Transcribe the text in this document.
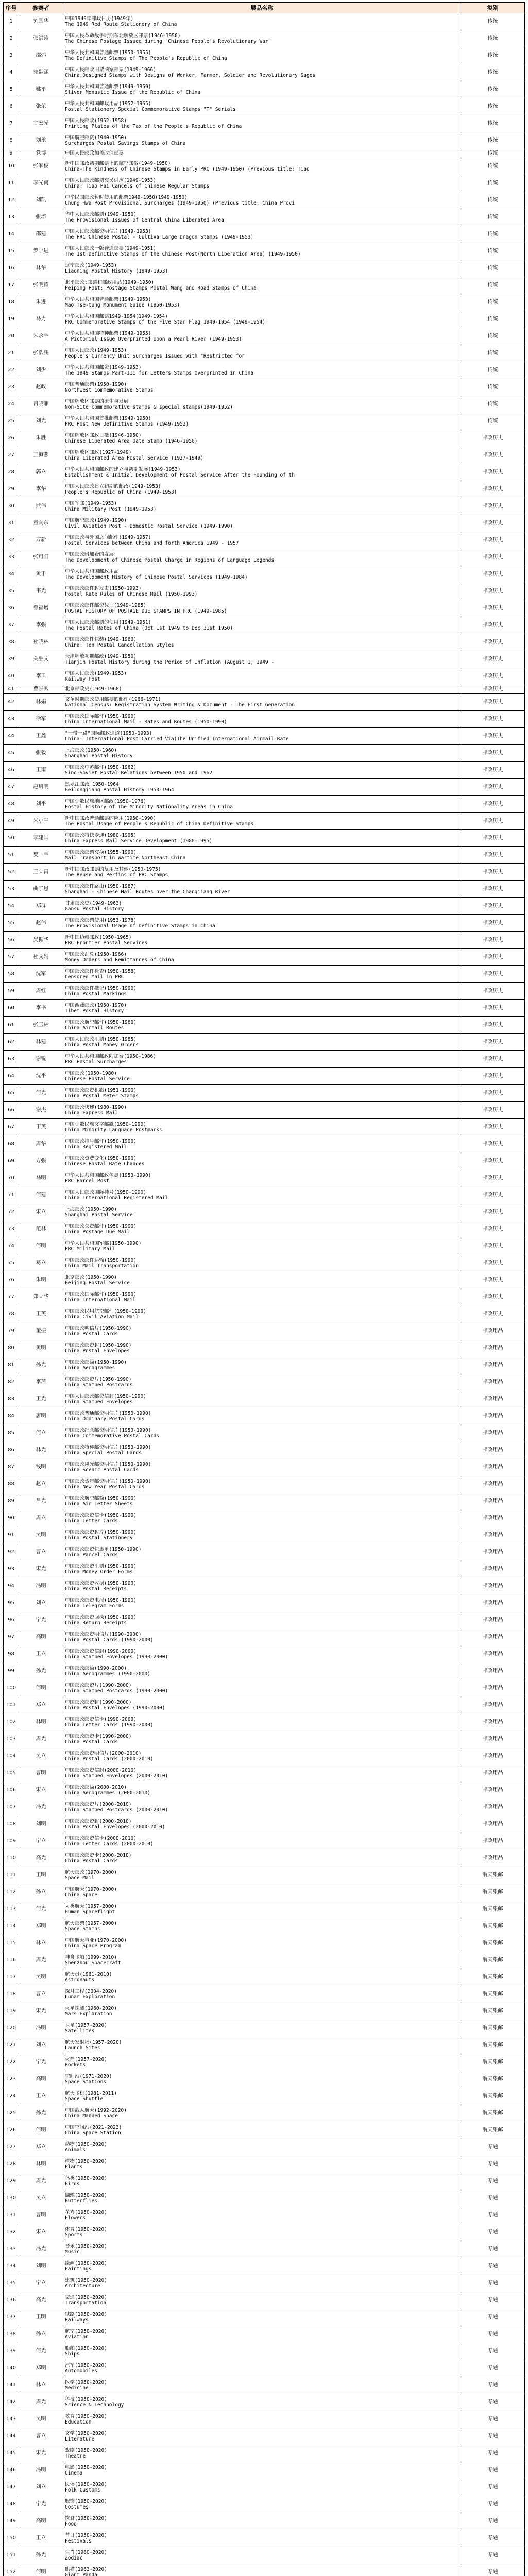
序号	参赛者	展品名称	类别
1	刘国华	中国1949年邮政日历(1949年)
The 1949 Red Route Stationery of China	传统
2	张洪涛	中国人民革命战争时期东北解放区邮票(1946-1950)
The Chinese Postage Issued during "Chinese People's Revolutionary War"	传统
3	邵炜	中华人民共和国普通邮票(1950-1955)
The Definitive Stamps of The People's Republic of China	传统
4	郭魏涵	中国人民邮政旧票图案邮票(1949-1966)
China:Designed Stamps with Designs of Worker, Farmer, Soldier and Revolutionary Sages	传统
5	姚平	中华人民共和国普通邮票(1949-1959)
Sliver Monastic Issue of the Republic of China	传统
6	张荣	中华人民共和国邮政用品(1952-1965)
Postal Stationery Special Commemorative Stamps "T" Serials	传统
7	甘宏光	中国人民邮政(1952-1958)
Printing Plates of the Tax of the People's Republic of China	传统
8	刘承	中国航空邮资(1940-1950)
Surcharges Postal Savings Stamps of China	传统
9	党博	中国人民邮政加盖改值邮票	传统
10	张家俊	新中国邮政初期邮票上的航空邮戳(1949-1950)
China-The Kindness of Chinese Stamps in Early PRC (1949-1950) (Previous title: Tiao	传统
11	李光南	中国人民邮政邮票交叉供应(1949-1953)
China: Tiao Pai Cancels of Chinese Regular Stamps	传统
12	刘凯	中华民国邮政暂时使用的邮票1949-1950(1949-1950)
Chung Hwa Post Provisional Surcharges (1949-1950) (Previous title: China Provi	传统
13	张培	华中人民邮政邮票(1949-1950)
The Provisional Issues of Central China Liberated Area	传统
14	邵建	中国人民邮政邮资明信片(1949-1953)
The PRC Chinese Postal - Cultiva Large Dragon Stamps (1949-1953)	传统
15	罗学进	中国人民邮政一版普通邮票(1949-1951)
The 1st Definitive Stamps of the Chinese Post(North Liberation Area) (1949-1950)	传统
16	林华	辽宁邮政(1949-1953)
Liaoning Postal History (1949-1953)	传统
17	张明涛	北平邮政:邮票和邮政用品(1949-1950)
Peiping Post: Postage Stamps Postal Wang and Road Stamps of China	传统
18	朱进	中华人民共和国普通邮票(1949-1953)
Mao Tse-tung Monument Guide (1950-1953)	传统
19	马力	中华人民共和国邮票1949-1954(1949-1954)
PRC Commemorative Stamps of the Five Star Flag 1949-1954 (1949-1954)	传统
20	朱永兰	中华人民共和国特种邮票(1949-1955)
A Pictorial Issue Overprinted Upon a Pearl River (1949-1953)	传统
21	张浩澜	中国人民邮政(1949-1953)
People's Currency Unit Surcharges Issued with "Restricted for	传统
22	刘少	中华人民共和国邮资(1949-1953)
The 1949 Stamps Part-III for Letters Stamps Overprinted in China	传统
23	赵政	中国普通邮票(1950-1990)
Northwest Commemorative Stamps	传统
24	吕晓菲	中国解放区邮票的诞生与发展
Non-Site commemorative stamps & special stamps(1949-1952)	传统
25	刘光	中华人民共和国首批邮票(1949-1950)
PRC Post New Definitive Stamps (1949-1952)	传统
26	朱胜	中国解放区邮政日戳(1946-1950)
Chinese Liberated Area Date Stamp (1946-1950)	邮政历史
27	王海燕	中国解放区邮政(1927-1949)
China Liberated Area Postal Service (1927-1949)	邮政历史
28	郭立	中华人民共和国邮政的建立与初期发展(1949-1953)
Establishment & Initial Development of Postal Service After the Founding of th	邮政历史
29	李华	中国人民邮政建立初期的邮政(1949-1953)
People's Republic of China (1949-1953)	邮政历史
30	熊伟	中国军邮(1949-1953)
China Military Post (1949-1953)	邮政历史
31	童向东	中国航空邮政(1949-1990)
Civil Aviation Post - Domestic Postal Service (1949-1990)	邮政历史
32	万新	中国邮政与外国之间邮件(1949-1957)
Postal Services between China and forth America 1949 - 1957	邮政历史
33	张可阳	中国邮政附加费的发展
The Development of Chinese Postal Charge in Regions of Language Legends	邮政历史
34	黄于	中华人民共和国邮政用品
The Development History of Chinese Postal Services (1949-1984)	邮政历史
35	韦光	中国邮政邮件封发史(1950-1993)
Postal Rate Rules of Chinese Mail (1950-1993)	邮政历史
36	曾福增	中国邮政邮件邮资凭证(1949-1985)
POSTAL HISTORY OF POSTAGE DUE STAMPS IN PRC (1949-1985)	邮政历史
37	李强	中国人民邮政邮票的使用(1949-1951)
The Postal Rates of China (Oct 1st 1949 to Dec 31st 1950)	邮政历史
38	杜晓林	中国邮政邮件包装(1949-1960)
China: Ten Postal Cancellation Styles	邮政历史
39	关胜文	天津解放初期邮政(1949-1950)
Tianjin Postal History during the Period of Inflation (August 1, 1949 -	邮政历史
40	李卫	中国人民邮政(1949-1953)
Railway Post	邮政历史
41	曹景秀	北京邮政史(1949-1968)	邮政历史
42	林娟	文革时期邮政使用邮票的邮件(1966-1971)
National Census: Registration System Writing & Document - The First Generation	邮政历史
43	徐军	中国邮政国际邮件(1950-1990)
China International Mail - Rates and Routes (1950-1990)	邮政历史
44	王鑫	"一带一路"国际邮政通道(1950-1993)
China: International Post Carried Via(The Unified International Airmail Rate	邮政历史
45	张毅	上海邮政(1950-1960)
Shanghai Postal History	邮政历史
46	王南	中国邮政中苏邮件(1950-1962)
Sino-Soviet Postal Relations between 1950 and 1962	邮政历史
47	赵启明	黑龙江邮政 1950-1964
Heilongjiang Postal History 1950-1964	邮政历史
48	刘平	中国少数民族地区邮政(1950-1976)
Postal History of The Minority Nationality Areas in China	邮政历史
49	朱小平	新中国邮政普通邮票的应用(1950-1990)
The Postal Usage of People's Republic of China Definitive Stamps	邮政历史
50	李建国	中国邮政特快专递(1980-1995)
China Express Mail Service Development (1980-1995)	邮政历史
51	樊一兰	中国邮政邮票交换(1955-1990)
Mail Transport in Wartime Northeast China	邮政历史
52	王立昌	新中国邮政邮票的复用及其他(1950-1975)
The Reuse and Perfins of PRC Stamps	邮政历史
53	曲子恩	中国邮政邮件路由(1950-1987)
Shanghai - Chinese Mail Routes over the Changjiang River	邮政历史
54	郑群	甘肃邮政史(1949-1963)
Gansu Postal History	邮政历史
55	赵伟	中国邮政邮票使用(1953-1978)
The Provisional Usage of Definitive Stamps in China	邮政历史
56	吴振华	新中国边疆邮政(1950-1965)
PRC Frontier Postal Services	邮政历史
57	杜文娟	中国邮政汇兑(1950-1966)
Money Orders and Remittances of China	邮政历史
58	沈军	中国邮政邮件检查(1950-1958)
Censored Mail in PRC	邮政历史
59	周红	中国邮政邮件戳记(1950-1990)
China Postal Markings	邮政历史
60	李书	中国西藏邮政(1950-1970)
Tibet Postal History	邮政历史
61	张玉林	中国邮政航空邮件(1950-1980)
China Airmail Routes	邮政历史
62	林建	中国人民邮政汇票(1950-1985)
China Postal Money Orders	邮政历史
63	谢锐	中华人民共和国邮政附加费(1950-1986)
PRC Postal Surcharges	邮政历史
64	沈平	中国邮政(1950-1980)
Chinese Postal Service	邮政历史
65	何光	中国邮政邮资机戳(1951-1990)
China Postal Meter Stamps	邮政历史
66	谢杰	中国邮政快递(1980-1990)
China Express Mail	邮政历史
67	丁英	中国少数民族文字邮戳(1950-1990)
China Minority Language Postmarks	邮政历史
68	周华	中国邮政挂号邮件(1950-1990)
China Registered Mail	邮政历史
69	方强	中国邮政资费变化(1950-1990)
Chinese Postal Rate Changes	邮政历史
70	马明	中华人民共和国邮政包裹(1950-1990)
PRC Parcel Post	邮政历史
71	何建	中国人民邮政国际挂号(1950-1990)
China International Registered Mail	邮政历史
72	宋立	上海邮政(1950-1990)
Shanghai Postal Service	邮政历史
73	范林	中国邮政欠资邮件(1950-1990)
China Postage Due Mail	邮政历史
74	何明	中华人民共和国军邮(1950-1990)
PRC Military Mail	邮政历史
75	葛立	中国邮政邮件运输(1950-1990)
China Mail Transportation	邮政历史
76	朱明	北京邮政(1950-1990)
Beijing Postal Service	邮政历史
77	郑立华	中国邮政国际邮件(1950-1990)
China International Mail	邮政历史
78	王英	中国邮政民用航空邮件(1950-1990)
China Civil Aviation Mail	邮政历史
79	董振	中国邮政明信片(1950-1990)
China Postal Cards	邮政用品
80	黄明	中国邮政邮资封(1950-1990)
China Postal Envelopes	邮政用品
81	孙光	中国邮政邮简(1950-1990)
China Aerogrammes	邮政用品
82	李萍	中国邮政邮资片(1950-1990)
China Stamped Postcards	邮政用品
83	王光	中国人民邮政邮资信封(1950-1990)
China Stamped Envelopes	邮政用品
84	唐明	中国邮政普通邮资明信片(1950-1990)
China Ordinary Postal Cards	邮政用品
85	何立	中国邮政纪念邮资明信片(1950-1990)
China Commemorative Postal Cards	邮政用品
86	林光	中国邮政特种邮资明信片(1950-1990)
China Special Postal Cards	邮政用品
87	钱明	中国邮政风光邮资明信片(1950-1990)
China Scenic Postal Cards	邮政用品
88	赵立	中国邮政贺年邮资明信片(1950-1990)
China New Year Postal Cards	邮政用品
89	吕光	中国邮政航空邮简(1950-1990)
China Air Letter Sheets	邮政用品
90	周立	中国邮政邮资信卡(1950-1990)
China Letter Cards	邮政用品
91	吴明	中国邮政邮资封片(1950-1990)
China Postal Stationery	邮政用品
92	曹立	中国邮政邮资包裹单(1950-1990)
China Parcel Cards	邮政用品
93	宋光	中国邮政邮资汇票(1950-1990)
China Money Order Forms	邮政用品
94	冯明	中国邮政邮资收据(1950-1990)
China Postal Receipts	邮政用品
95	刘立	中国邮政邮资电报(1950-1990)
China Telegram Forms	邮政用品
96	宁光	中国邮政邮资回执(1950-1990)
China Return Receipts	邮政用品
97	高明	中国邮政邮资明信片(1990-2000)
China Postal Cards (1990-2000)	邮政用品
98	王立	中国邮政邮资信封(1990-2000)
China Stamped Envelopes (1990-2000)	邮政用品
99	孙光	中国邮政邮简(1990-2000)
China Aerogrammes (1990-2000)	邮政用品
100	何明	中国邮政邮资片(1990-2000)
China Stamped Postcards (1990-2000)	邮政用品
101	郑立	中国邮政邮资封(1990-2000)
China Postal Envelopes (1990-2000)	邮政用品
102	林明	中国邮政邮资信卡(1990-2000)
China Letter Cards (1990-2000)	邮政用品
103	周光	中国邮政邮资卡(1990-2000)
China Postal Cards	邮政用品
104	吴立	中国邮政邮资明信片(2000-2010)
China Postal Cards (2000-2010)	邮政用品
105	曹明	中国邮政邮资信封(2000-2010)
China Stamped Envelopes (2000-2010)	邮政用品
106	宋立	中国邮政邮简(2000-2010)
China Aerogrammes (2000-2010)	邮政用品
107	冯光	中国邮政邮资片(2000-2010)
China Stamped Postcards (2000-2010)	邮政用品
108	刘明	中国邮政邮资封(2000-2010)
China Postal Envelopes (2000-2010)	邮政用品
109	宁立	中国邮政邮资信卡(2000-2010)
China Letter Cards (2000-2010)	邮政用品
110	高光	中国邮政邮资卡(2000-2010)
China Postal Cards	邮政用品
111	王明	航天邮政(1970-2000)
Space Mail	航天集邮
112	孙立	中国航天(1970-2000)
China Space	航天集邮
113	何光	人类航天(1957-2000)
Human Spaceflight	航天集邮
114	郑明	航天邮票(1957-2000)
Space Stamps	航天集邮
115	林立	中国航天事业(1970-2000)
China Space Program	航天集邮
116	周光	神舟飞船(1999-2010)
Shenzhou Spacecraft	航天集邮
117	吴明	航天员(1961-2010)
Astronauts	航天集邮
118	曹立	探月工程(2004-2020)
Lunar Exploration	航天集邮
119	宋光	火星探测(1960-2020)
Mars Exploration	航天集邮
120	冯明	卫星(1957-2020)
Satellites	航天集邮
121	刘立	航天发射场(1957-2020)
Launch Sites	航天集邮
122	宁光	火箭(1957-2020)
Rockets	航天集邮
123	高明	空间站(1971-2020)
Space Stations	航天集邮
124	王立	航天飞机(1981-2011)
Space Shuttle	航天集邮
125	孙光	中国载人航天(1992-2020)
China Manned Space	航天集邮
126	何明	中国空间站(2021-2023)
China Space Station	航天集邮
127	郑立	动物(1950-2020)
Animals	专题
128	林明	植物(1950-2020)
Plants	专题
129	周光	鸟类(1950-2020)
Birds	专题
130	吴立	蝴蝶(1950-2020)
Butterflies	专题
131	曹明	花卉(1950-2020)
Flowers	专题
132	宋立	体育(1950-2020)
Sports	专题
133	冯光	音乐(1950-2020)
Music	专题
134	刘明	绘画(1950-2020)
Paintings	专题
135	宁立	建筑(1950-2020)
Architecture	专题
136	高光	交通(1950-2020)
Transportation	专题
137	王明	铁路(1950-2020)
Railways	专题
138	孙立	航空(1950-2020)
Aviation	专题
139	何光	船舶(1950-2020)
Ships	专题
140	郑明	汽车(1950-2020)
Automobiles	专题
141	林立	医学(1950-2020)
Medicine	专题
142	周光	科技(1950-2020)
Science & Technology	专题
143	吴明	教育(1950-2020)
Education	专题
144	曹立	文学(1950-2020)
Literature	专题
145	宋光	戏剧(1950-2020)
Theatre	专题
146	冯明	电影(1950-2020)
Cinema	专题
147	刘立	民俗(1950-2020)
Folk Customs	专题
148	宁光	服饰(1950-2020)
Costumes	专题
149	高明	饮食(1950-2020)
Food	专题
150	王立	节日(1950-2020)
Festivals	专题
151	孙光	生肖(1980-2020)
Zodiac	专题
152	何明	熊猫(1963-2020)
Giant Panda	专题
